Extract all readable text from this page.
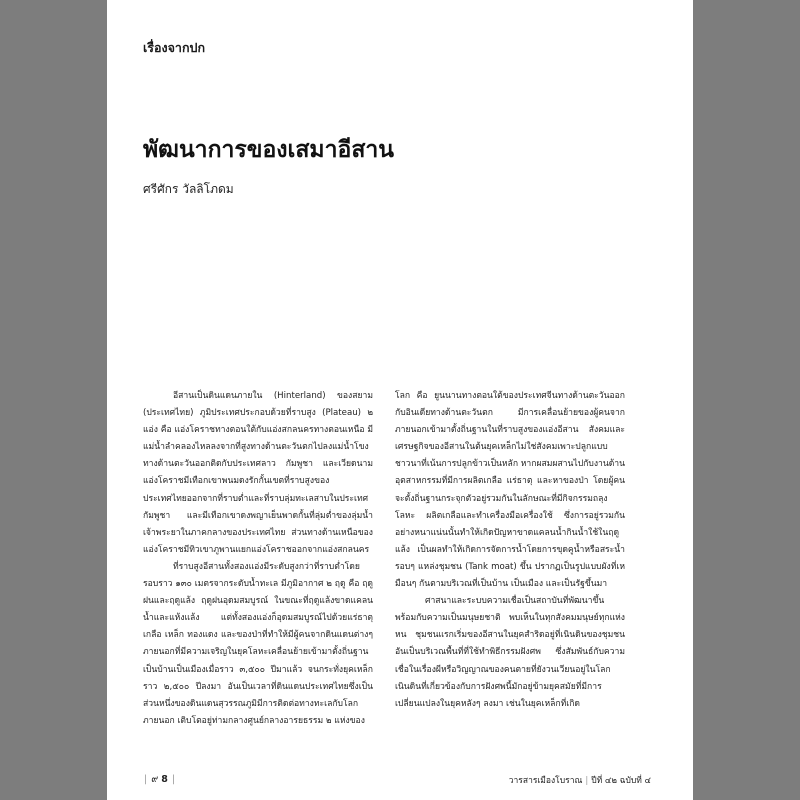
เรื่องจากปก
พัฒนาการของเสมาอีสาน
ศรีศักร วัลลิโภดม

อีสานเป็นดินแดนภายใน (Hinterland) ของสยาม (ประเทศไทย) ภูมิประเทศประกอบด้วยที่ราบสูง (Plateau) ๒ แอ่ง คือ แอ่งโคราชทางตอนใต้กับแอ่งสกลนครทางตอนเหนือ มีแม่น้ำลำคลองไหลลงจากที่สูงทางด้านตะวันตกไปลงแม่น้ำโขงทางด้านตะวันออกติดกับประเทศลาว กัมพูชา และเวียดนาม แอ่งโคราชมีเทือกเขาพนมดงรักกั้นเขตที่ราบสูงของประเทศไทยออกจากที่ราบต่ำและที่ราบลุ่มทะเลสาบในประเทศกัมพูชา และมีเทือกเขาดงพญาเย็นพาดกั้นที่ลุ่มต่ำของลุ่มน้ำเจ้าพระยาในภาคกลางของประเทศไทย ส่วนทางด้านเหนือของแอ่งโคราชมีทิวเขาภูพานแยกแอ่งโคราชออกจากแอ่งสกลนคร

ที่ราบสูงอีสานทั้งสองแอ่งมีระดับสูงกว่าที่ราบต่ำโดยรอบราว ๑๓๐ เมตรจากระดับน้ำทะเล มีภูมิอากาศ ๒ ฤดู คือ ฤดูฝนและฤดูแล้ง ฤดูฝนอุดมสมบูรณ์ ในขณะที่ฤดูแล้งขาดแคลนน้ำและแห้งแล้ง แต่ทั้งสองแอ่งก็อุดมสมบูรณ์ไปด้วยแร่ธาตุ เกลือ เหล็ก ทองแดง และของป่าที่ทำให้มีผู้คนจากดินแดนต่างๆ ภายนอกที่มีความเจริญในยุคโลหะเคลื่อนย้ายเข้ามาตั้งถิ่นฐานเป็นบ้านเป็นเมืองเมื่อราว ๓,๕๐๐ ปีมาแล้ว จนกระทั่งยุคเหล็กราว ๒,๕๐๐ ปีลงมา อันเป็นเวลาที่ดินแดนประเทศไทยซึ่งเป็นส่วนหนึ่งของดินแดนสุวรรณภูมิมีการติดต่อทางทะเลกับโลกภายนอก เติบโตอยู่ท่ามกลางศูนย์กลางอารยธรรม ๒ แห่งของ

โลก คือ ยูนนานทางตอนใต้ของประเทศจีนทางด้านตะวันออกกับอินเดียทางด้านตะวันตก มีการเคลื่อนย้ายของผู้คนจากภายนอกเข้ามาตั้งถิ่นฐานในที่ราบสูงของแอ่งอีสาน สังคมและเศรษฐกิจของอีสานในต้นยุคเหล็กไม่ใช่สังคมเพาะปลูกแบบชาวนาที่เน้นการปลูกข้าวเป็นหลัก หากผสมผสานไปกับงานด้านอุตสาหกรรมที่มีการผลิตเกลือ แร่ธาตุ และหาของป่า โดยผู้คนจะตั้งถิ่นฐานกระจุกตัวอยู่รวมกันในลักษณะที่มีกิจกรรมถลุงโลหะ ผลิตเกลือและทำเครื่องมือเครื่องใช้ ซึ่งการอยู่รวมกันอย่างหนาแน่นนั้นทำให้เกิดปัญหาขาดแคลนน้ำกินน้ำใช้ในฤดูแล้ง เป็นผลทำให้เกิดการจัดการน้ำโดยการขุดคูน้ำหรือสระน้ำรอบๆ แหล่งชุมชน (Tank moat) ขึ้น ปรากฏเป็นรูปแบบผังที่เหมือนๆ กันตามบริเวณที่เป็นบ้าน เป็นเมือง และเป็นรัฐขึ้นมา

ศาสนาและระบบความเชื่อเป็นสถาบันที่พัฒนาขึ้นพร้อมกับความเป็นมนุษยชาติ พบเห็นในทุกสังคมมนุษย์ทุกแห่งหน ชุมชนแรกเริ่มของอีสานในยุคสำริดอยู่ที่เนินดินของชุมชน อันเป็นบริเวณพื้นที่ที่ใช้ทำพิธีกรรมฝังศพ ซึ่งสัมพันธ์กับความเชื่อในเรื่องผีหรือวิญญาณของคนตายที่ยังวนเวียนอยู่ในโลก เนินดินที่เกี่ยวข้องกับการฝังศพนี้มักอยู่ข้ามยุคสมัยที่มีการเปลี่ยนแปลงในยุคหลังๆ ลงมา เช่นในยุคเหล็กที่เกิด

| ๙ 8 |	วารสารเมืองโบราณ | ปีที่ ๔๒ ฉบับที่ ๔
